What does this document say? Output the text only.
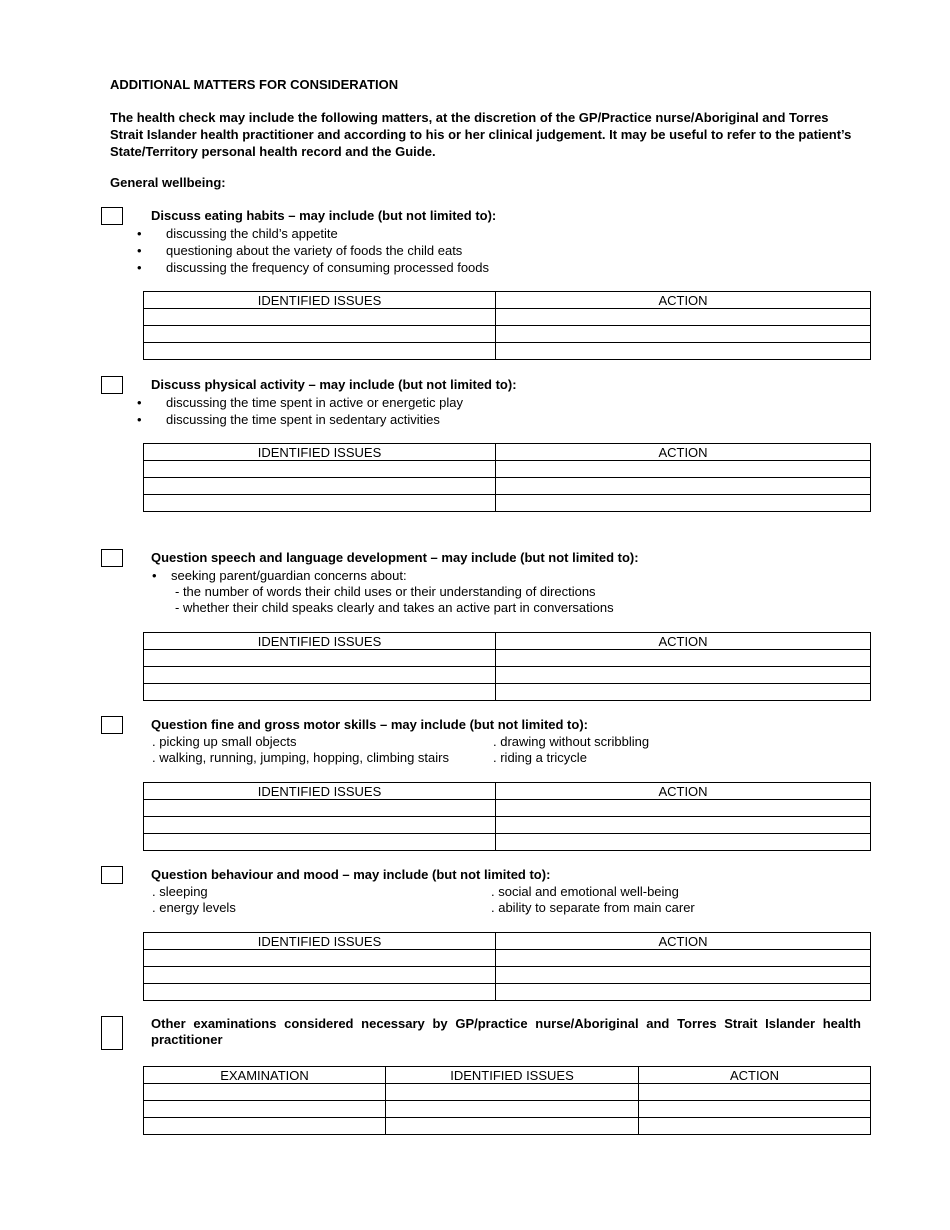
ADDITIONAL MATTERS FOR CONSIDERATION
The health check may include the following matters, at the discretion of the GP/Practice nurse/Aboriginal and Torres Strait Islander health practitioner and according to his or her clinical judgement. It may be useful to refer to the patient’s State/Territory personal health record and the Guide.
General wellbeing:
Discuss eating habits – may include (but not limited to):
• discussing the child’s appetite
• questioning about the variety of foods the child eats
• discussing the frequency of consuming processed foods
IDENTIFIED ISSUES	ACTION

Discuss physical activity – may include (but not limited to):
• discussing the time spent in active or energetic play
• discussing the time spent in sedentary activities
IDENTIFIED ISSUES	ACTION

Question speech and language development – may include (but not limited to):
• seeking parent/guardian concerns about:
- the number of words their child uses or their understanding of directions
- whether their child speaks clearly and takes an active part in conversations
IDENTIFIED ISSUES	ACTION

Question fine and gross motor skills – may include (but not limited to):
. picking up small objects	. drawing without scribbling
. walking, running, jumping, hopping, climbing stairs	. riding a tricycle
IDENTIFIED ISSUES	ACTION

Question behaviour and mood – may include (but not limited to):
. sleeping	. social and emotional well-being
. energy levels	. ability to separate from main carer
IDENTIFIED ISSUES	ACTION

Other examinations considered necessary by GP/practice nurse/Aboriginal and Torres Strait Islander health practitioner
EXAMINATION	IDENTIFIED ISSUES	ACTION
